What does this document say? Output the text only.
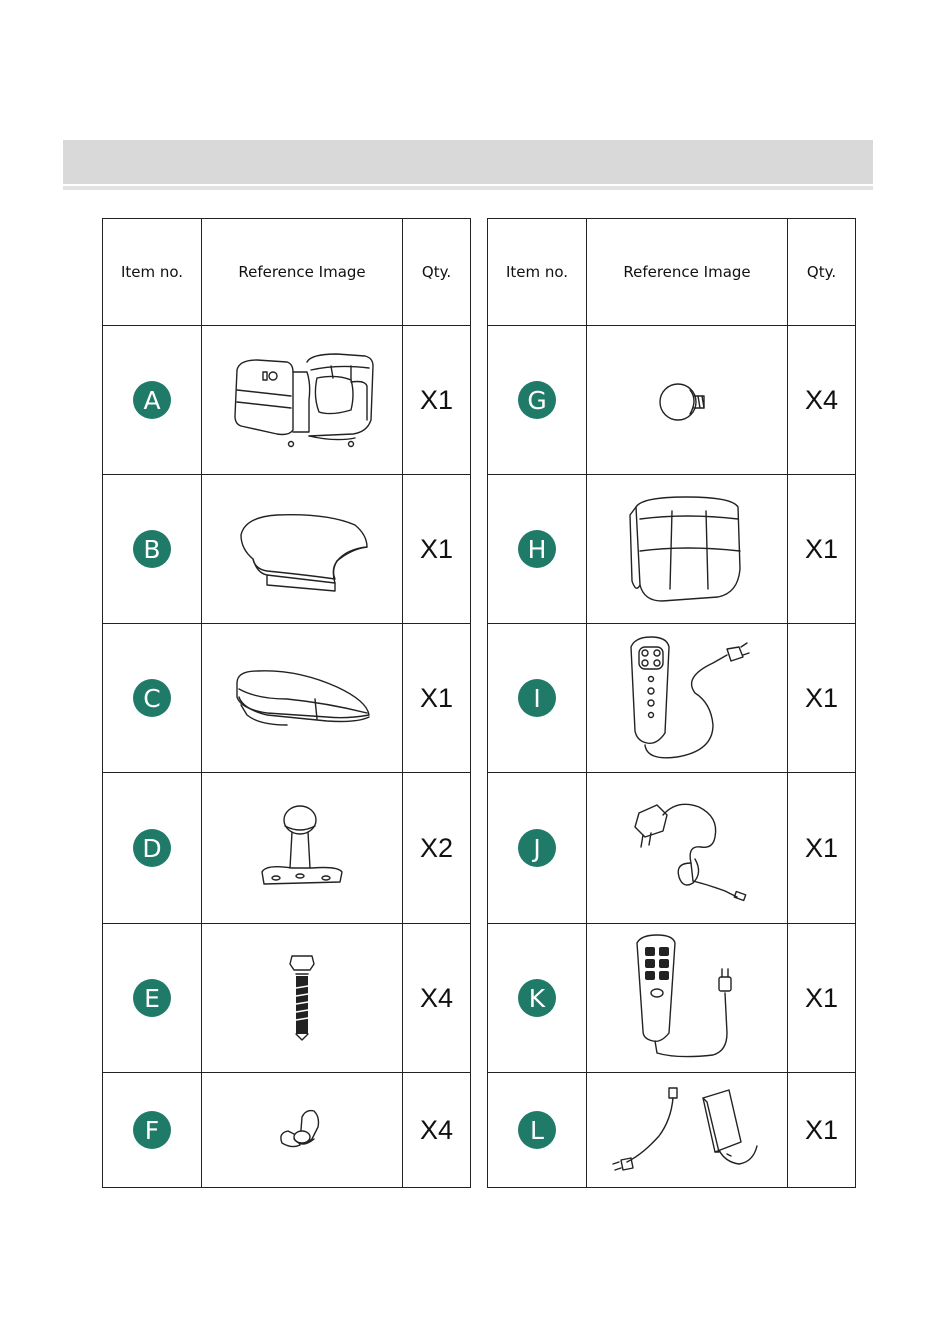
Item no.	Reference Image	Qty.
A		X1
B		X1
C		X1
D		X2
E		X4
F		X4
Item no.	Reference Image	Qty.
G		X4
H		X1
I		X1
J		X1
K		X1
L		X1
